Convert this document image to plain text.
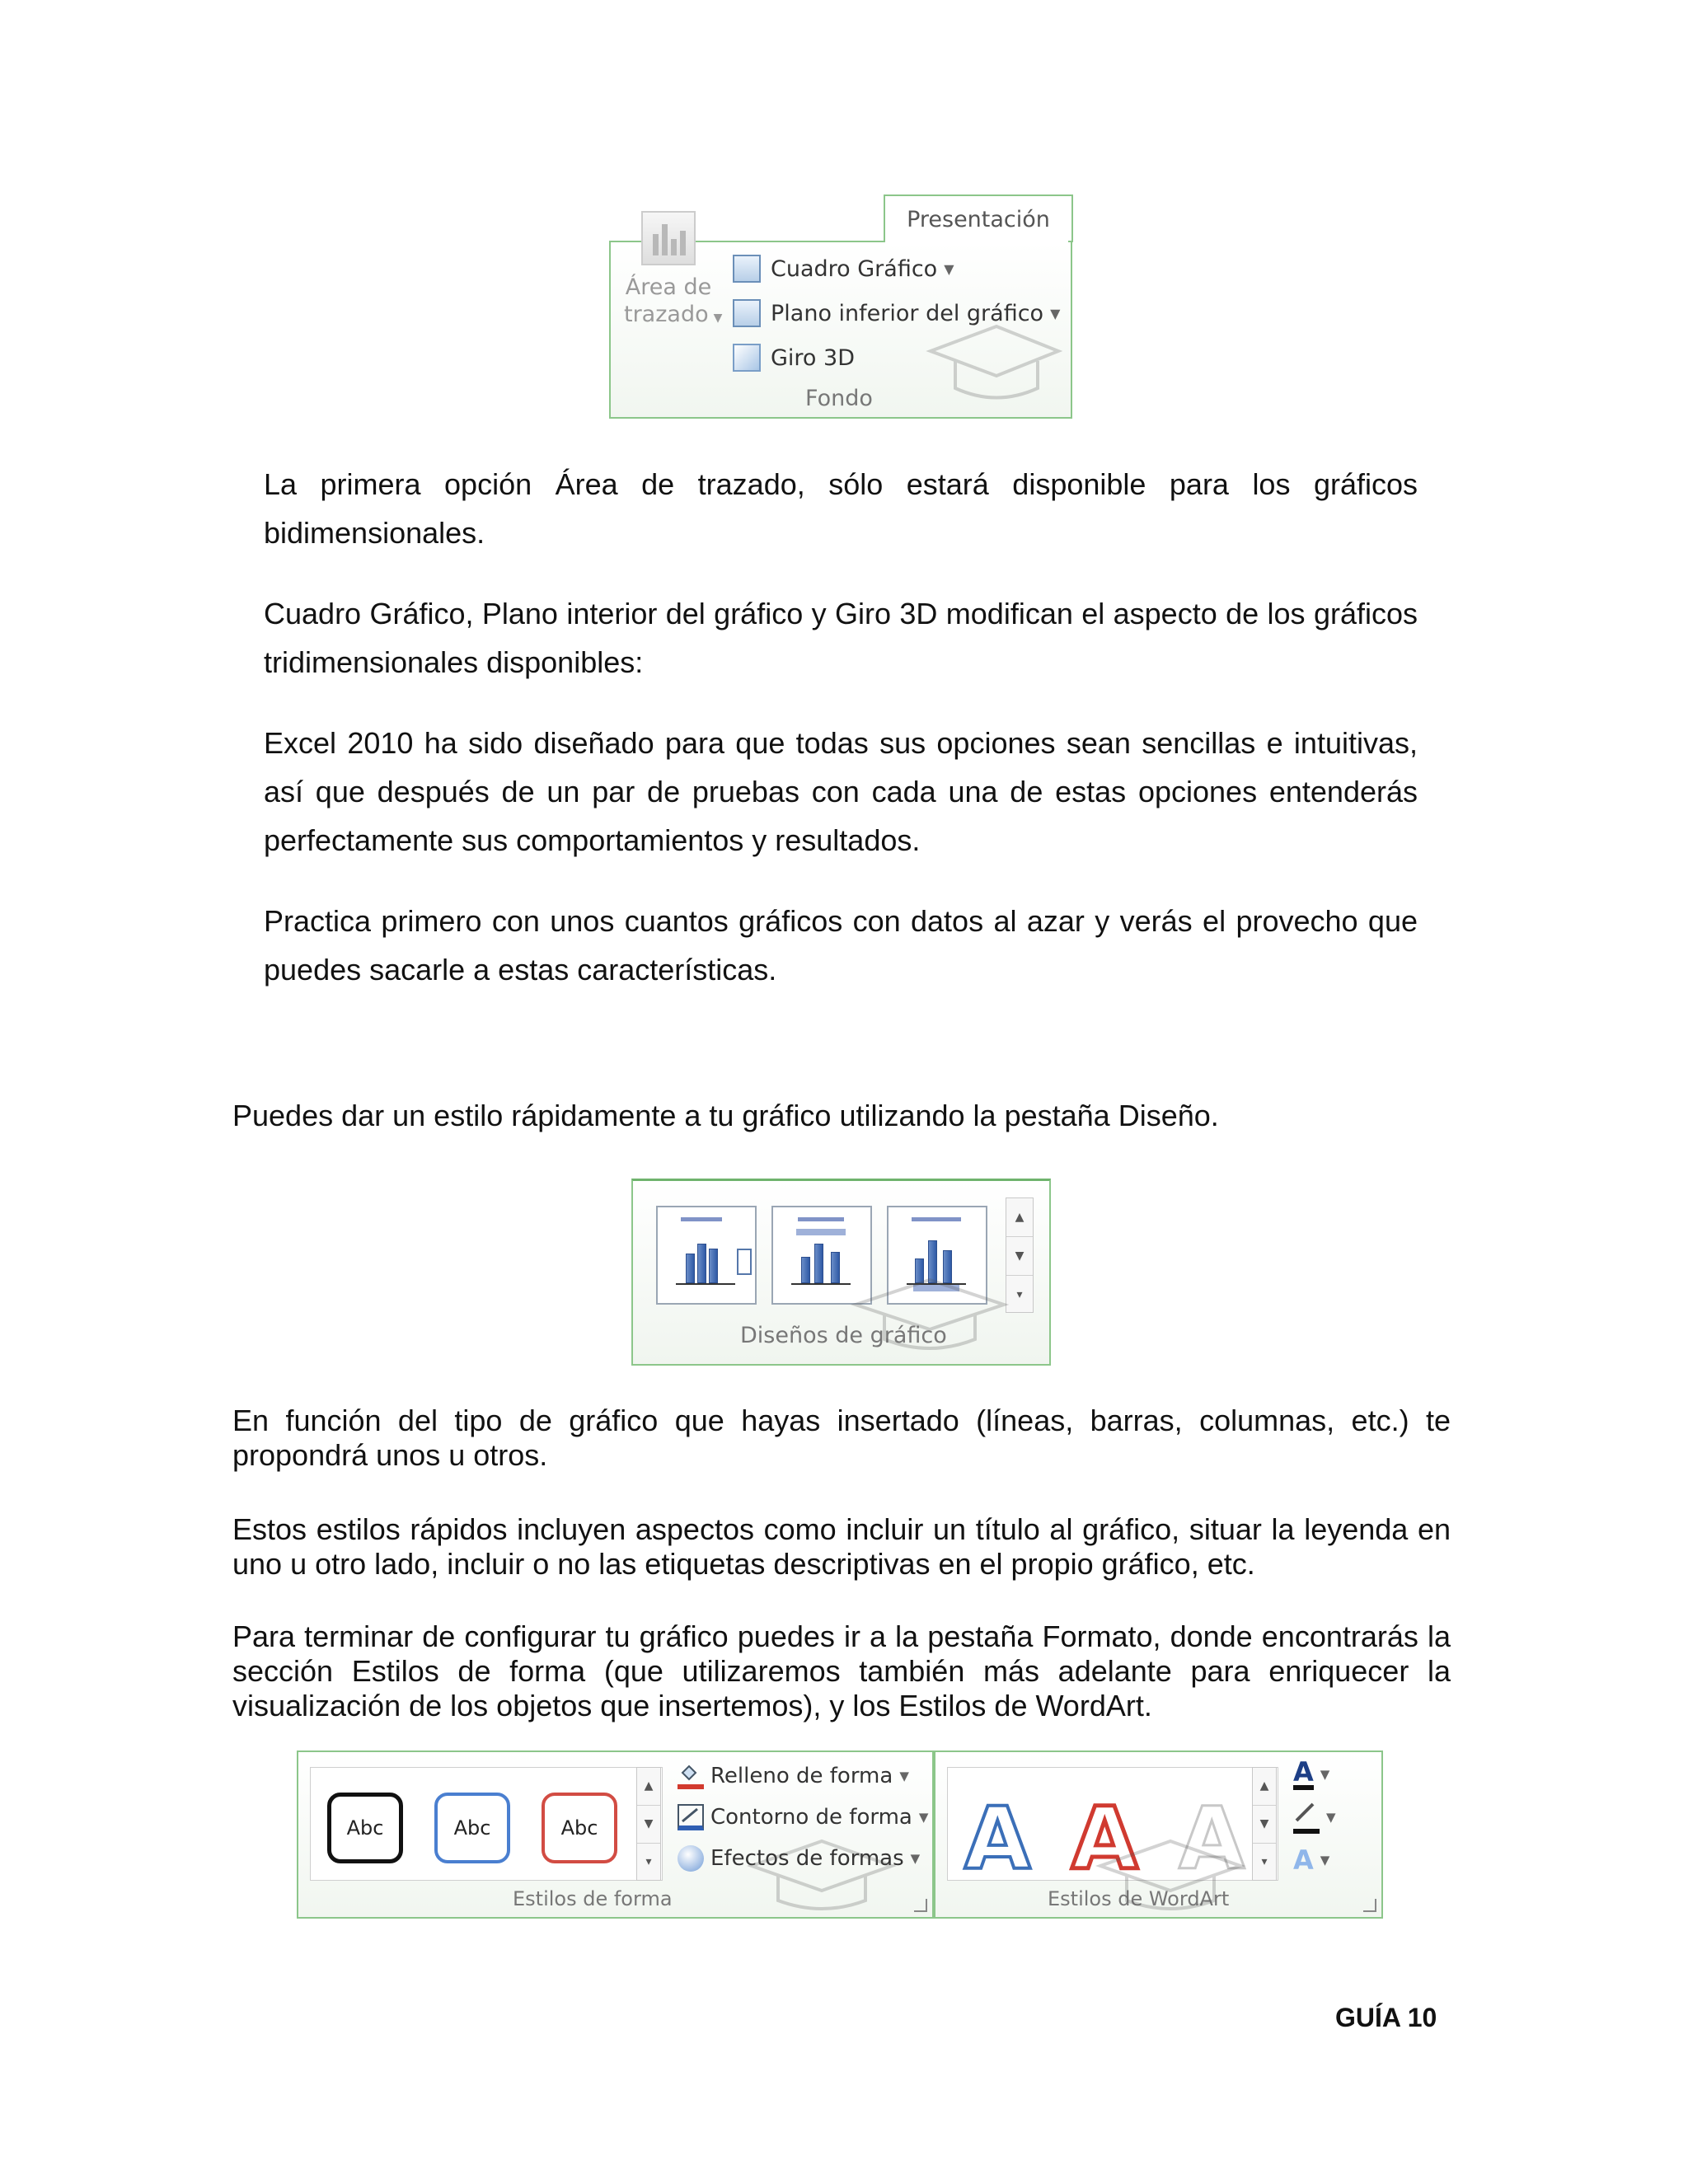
Presentación
Área de
trazado ▼
Cuadro Gráfico ▼
Plano inferior del gráfico ▼
Giro 3D
Fondo

La primera opción Área de trazado, sólo estará disponible para los gráficos bidimensionales.

Cuadro Gráfico, Plano interior del gráfico y Giro 3D modifican el aspecto de los gráficos tridimensionales disponibles:

Excel 2010 ha sido diseñado para que todas sus opciones sean sencillas e intuitivas, así que después de un par de pruebas con cada una de estas opciones entenderás perfectamente sus comportamientos y resultados.

Practica primero con unos cuantos gráficos con datos al azar y verás el provecho que puedes sacarle a estas características.

Puedes dar un estilo rápidamente a tu gráfico utilizando la pestaña Diseño.

▲
▼
▾
Diseños de gráfico

En función del tipo de gráfico que hayas insertado (líneas, barras, columnas, etc.) te propondrá unos u otros.

Estos estilos rápidos incluyen aspectos como incluir un título al gráfico, situar la leyenda en uno u otro lado, incluir o no las etiquetas descriptivas en el propio gráfico, etc.

Para terminar de configurar tu gráfico puedes ir a la pestaña Formato, donde encontrarás la sección Estilos de forma (que utilizaremos también más adelante para enriquecer la visualización de los objetos que insertemos), y los Estilos de WordArt.

Abc	Abc	Abc
▲
▼
▾
Relleno de forma ▼
Contorno de forma ▼
Efectos de formas ▼
Estilos de forma
A A A
▲
▼
▾
A ▼
▼
A ▼
Estilos de WordArt
GUÍA 10
